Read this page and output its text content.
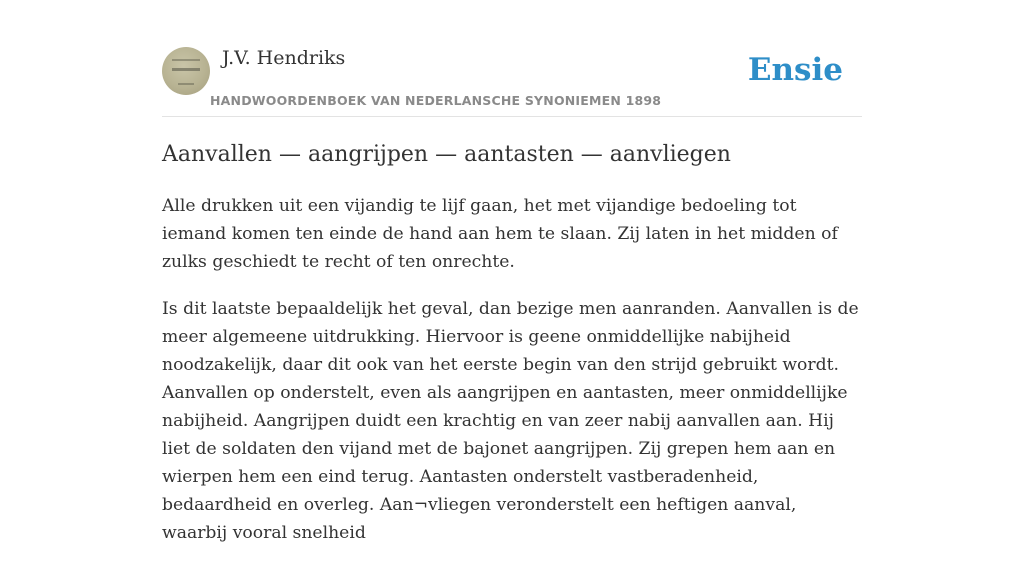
J.V. Hendriks
HANDWOORDENBOEK VAN NEDERLANSCHE SYNONIEMEN 1898
Ensie
Aanvallen — aangrijpen — aantasten — aanvliegen

Alle drukken uit een vijandig te lijf gaan, het met vijandige bedoeling tot iemand komen ten einde de hand aan hem te slaan. Zij laten in het midden of zulks geschiedt te recht of ten onrechte.

Is dit laatste bepaaldelijk het geval, dan bezige men aanranden. Aanvallen is de meer algemeene uitdrukking. Hiervoor is geene onmiddellijke nabijheid noodzakelijk, daar dit ook van het eerste begin van den strijd gebruikt wordt. Aanvallen op onderstelt, even als aangrijpen en aantasten, meer onmiddellijke nabijheid. Aangrijpen duidt een krachtig en van zeer nabij aanvallen aan. Hij liet de soldaten den vijand met de bajonet aangrijpen. Zij grepen hem aan en wierpen hem een eind terug. Aantasten onderstelt vastberadenheid, bedaardheid en overleg. Aan¬vliegen veronderstelt een heftigen aanval, waarbij vooral snelheid
